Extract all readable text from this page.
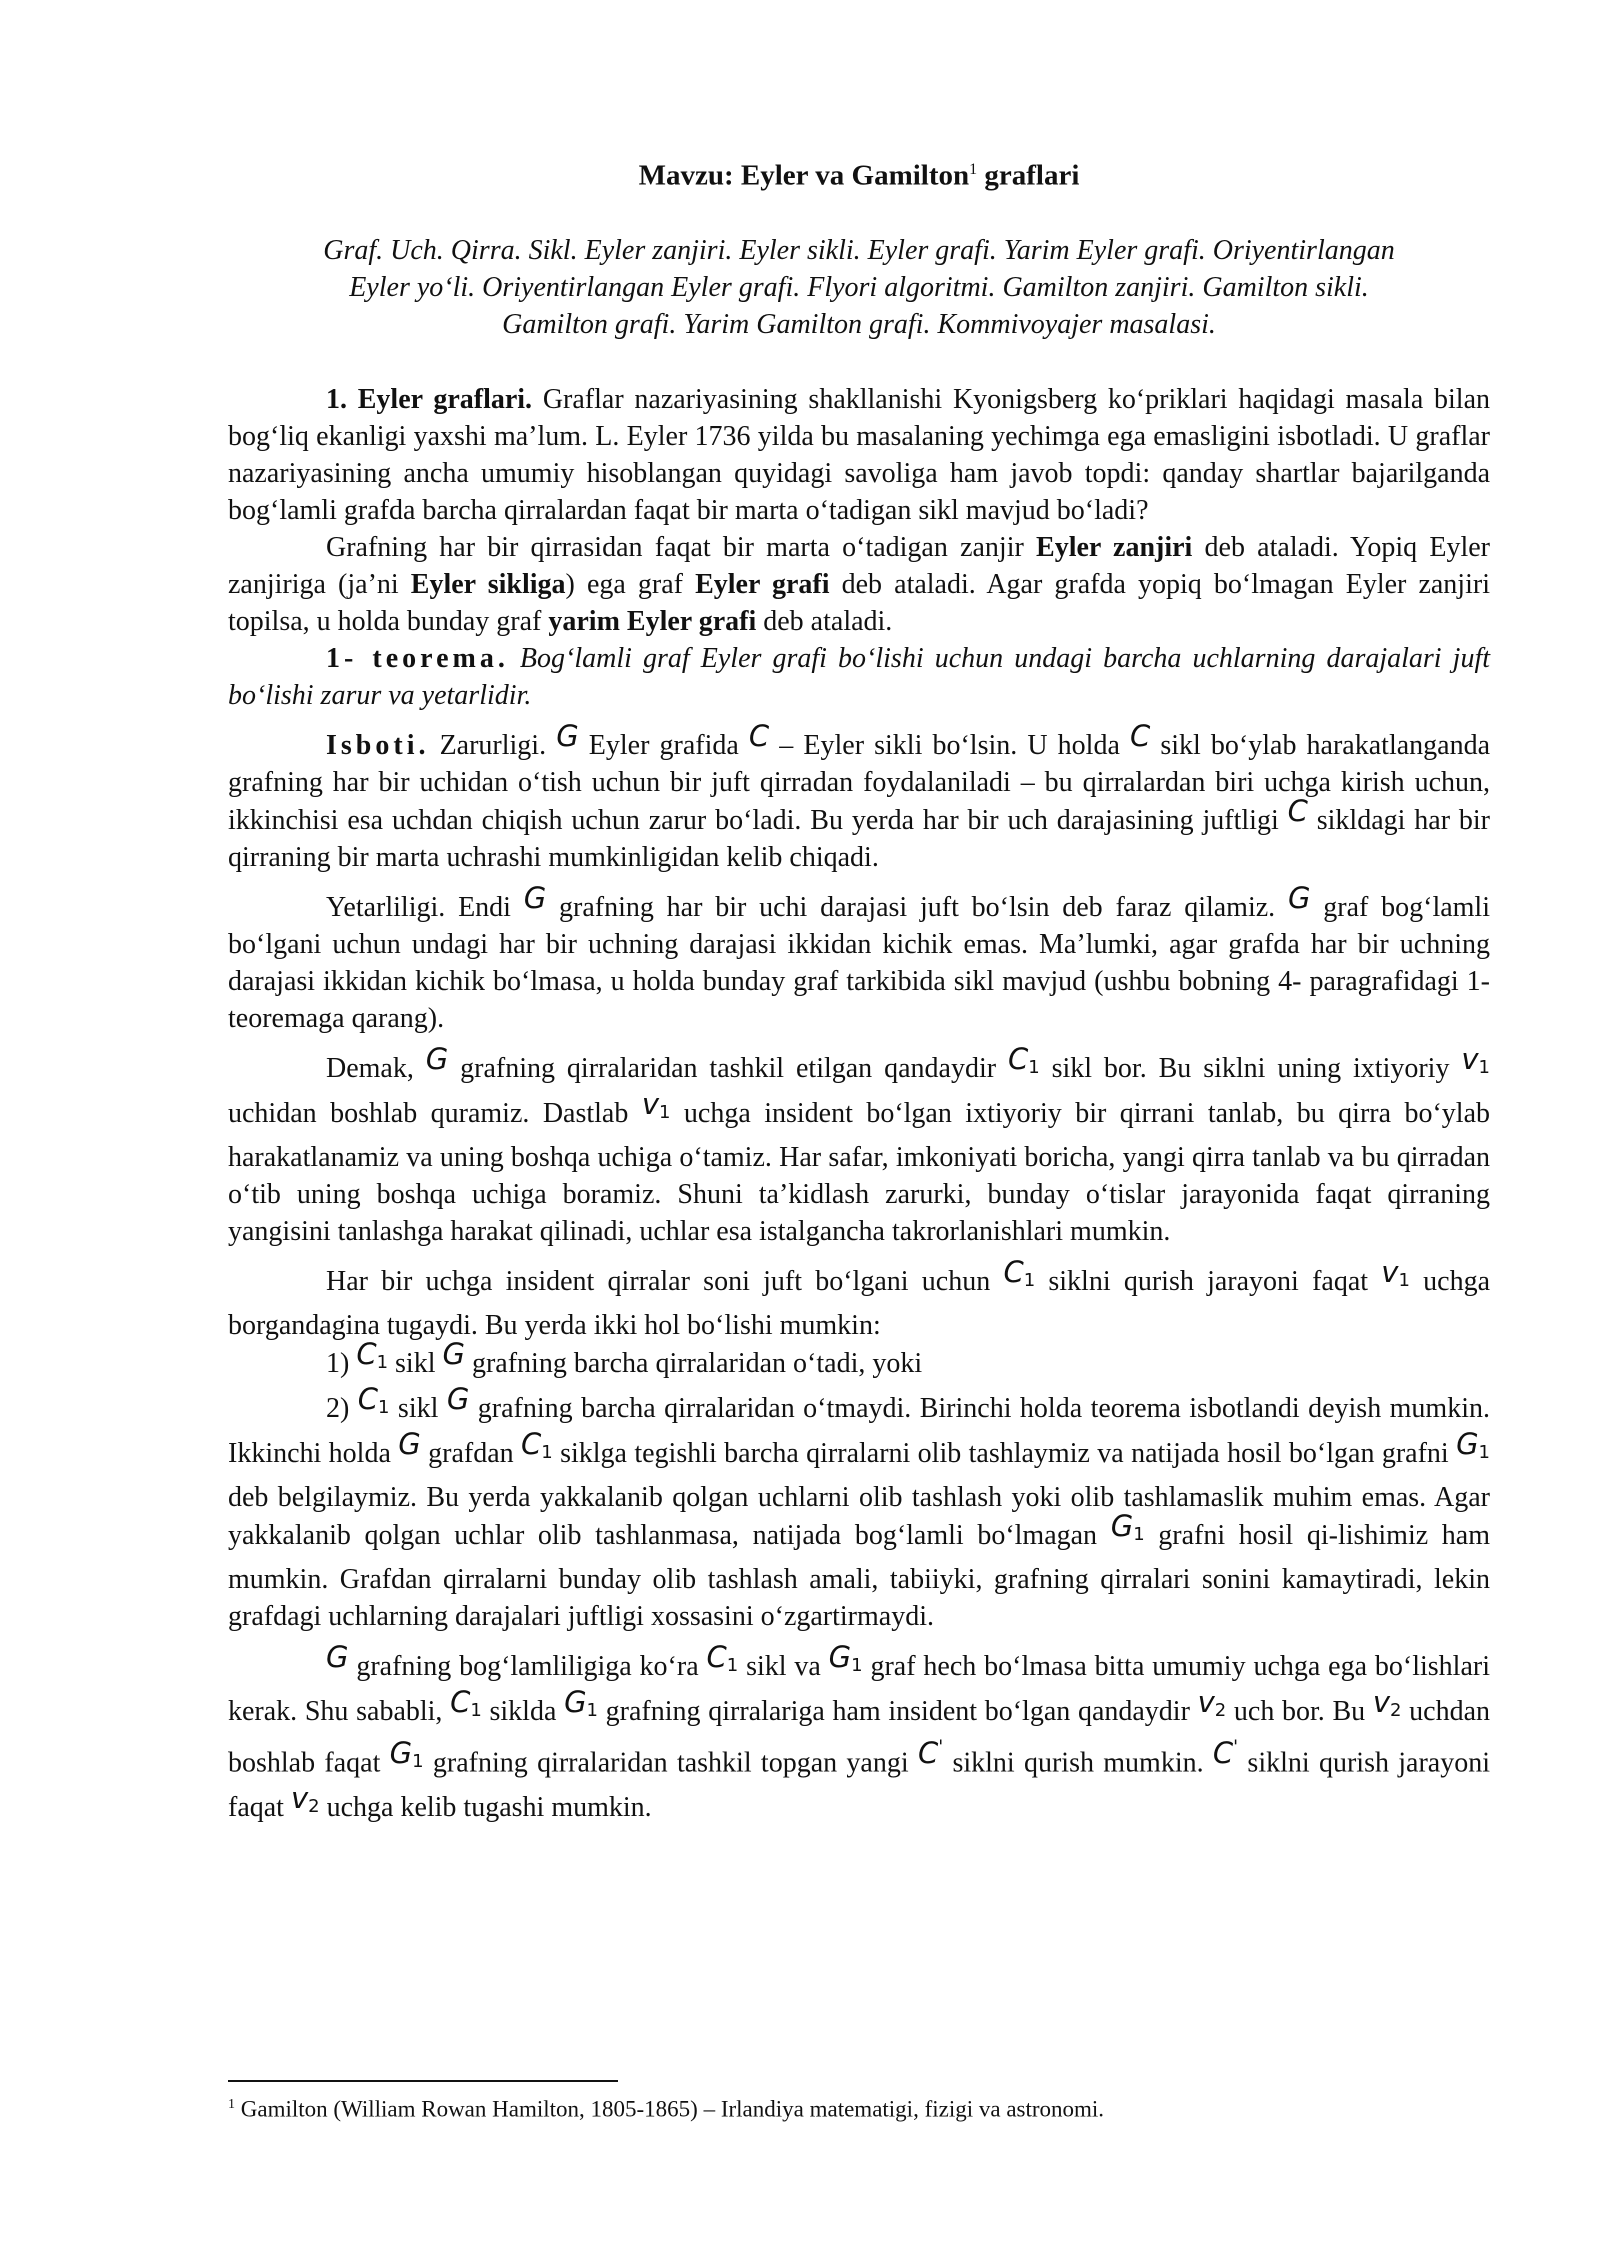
Mavzu: Eyler va Gamilton$^1$ graflari
Graf. Uch. Qirra. Sikl. Eyler zanjiri. Eyler sikli. Eyler grafi. Yarim Eyler grafi. Oriyentirlangan
Eyler yo‘li. Oriyentirlangan Eyler grafi. Flyori algoritmi. Gamilton zanjiri. Gamilton sikli.
Gamilton grafi. Yarim Gamilton grafi. Kommivoyajer masalasi.

1. Eyler graflari. Graflar nazariyasining shakllanishi Kyonigsberg ko‘priklari haqidagi masala bilan bog‘liq ekanligi yaxshi ma’lum. L. Eyler 1736 yilda bu masalaning yechimga ega emasligini isbotladi. U graflar nazariyasining ancha umumiy hisoblangan quyidagi savoliga ham javob topdi: qanday shartlar bajarilganda bog‘lamli grafda barcha qirralardan faqat bir marta o‘tadigan sikl mavjud bo‘ladi?

Grafning har bir qirrasidan faqat bir marta o‘tadigan zanjir Eyler zanjiri deb ataladi. Yopiq Eyler zanjiriga (ja’ni Eyler sikliga) ega graf Eyler grafi deb ataladi. Agar grafda yopiq bo‘lmagan Eyler zanjiri topilsa, u holda bunday graf yarim Eyler grafi deb ataladi.

1- teorema. Bog‘lamli graf Eyler grafi bo‘lishi uchun undagi barcha uchlarning darajalari juft bo‘lishi zarur va yetarlidir.

Isboti. Zarurligi. G Eyler grafida C – Eyler sikli bo‘lsin. U holda C sikl bo‘ylab harakatlanganda grafning har bir uchidan o‘tish uchun bir juft qirradan foydalaniladi – bu qirralardan biri uchga kirish uchun, ikkinchisi esa uchdan chiqish uchun zarur bo‘ladi. Bu yerda har bir uch darajasining juftligi C sikldagi har bir qirraning bir marta uchrashi mumkinligidan kelib chiqadi.

Yetarliligi. Endi G grafning har bir uchi darajasi juft bo‘lsin deb faraz qilamiz. G graf bog‘lamli bo‘lgani uchun undagi har bir uchning darajasi ikkidan kichik emas. Ma’lumki, agar grafda har bir uchning darajasi ikkidan kichik bo‘lmasa, u holda bunday graf tarkibida sikl mavjud (ushbu bobning 4- paragrafidagi 1- teoremaga qarang).

Demak, G grafning qirralaridan tashkil etilgan qandaydir $C_1$ sikl bor. Bu siklni uning ixtiyoriy $v_1$ uchidan boshlab quramiz. Dastlab $v_1$ uchga insident bo‘lgan ixtiyoriy bir qirrani tanlab, bu qirra bo‘ylab harakatlanamiz va uning boshqa uchiga o‘tamiz. Har safar, imkoniyati boricha, yangi qirra tanlab va bu qirradan o‘tib uning boshqa uchiga boramiz. Shuni ta’kidlash zarurki, bunday o‘tislar jarayonida faqat qirraning yangisini tanlashga harakat qilinadi, uchlar esa istalgancha takrorlanishlari mumkin.

Har bir uchga insident qirralar soni juft bo‘lgani uchun $C_1$ siklni qurish jarayoni faqat $v_1$ uchga borgandagina tugaydi. Bu yerda ikki hol bo‘lishi mumkin:

1) $C_1$ sikl G grafning barcha qirralaridan o‘tadi, yoki

2) $C_1$ sikl G grafning barcha qirralaridan o‘tmaydi. Birinchi holda teorema isbotlandi deyish mumkin. Ikkinchi holda G grafdan $C_1$ siklga tegishli barcha qirralarni olib tashlaymiz va natijada hosil bo‘lgan grafni $G_1$ deb belgilaymiz. Bu yerda yakkalanib qolgan uchlarni olib tashlash yoki olib tashlamaslik muhim emas. Agar yakkalanib qolgan uchlar olib tashlanmasa, natijada bog‘lamli bo‘lmagan $G_1$ grafni hosil qi-lishimiz ham mumkin. Grafdan qirralarni bunday olib tashlash amali, tabiiyki, grafning qirralari sonini kamaytiradi, lekin grafdagi uchlarning darajalari juftligi xossasini o‘zgartirmaydi.

G grafning bog‘lamliligiga ko‘ra $C_1$ sikl va $G_1$ graf hech bo‘lmasa bitta umumiy uchga ega bo‘lishlari kerak. Shu sababli, $C_1$ siklda $G_1$ grafning qirralariga ham insident bo‘lgan qandaydir $v_2$ uch bor. Bu $v_2$ uchdan boshlab faqat $G_1$ grafning qirralaridan tashkil topgan yangi C' siklni qurish mumkin. C' siklni qurish jarayoni faqat $v_2$ uchga kelib tugashi mumkin.

$^1$ Gamilton (William Rowan Hamilton, 1805-1865) – Irlandiya matematigi, fizigi va astronomi.
